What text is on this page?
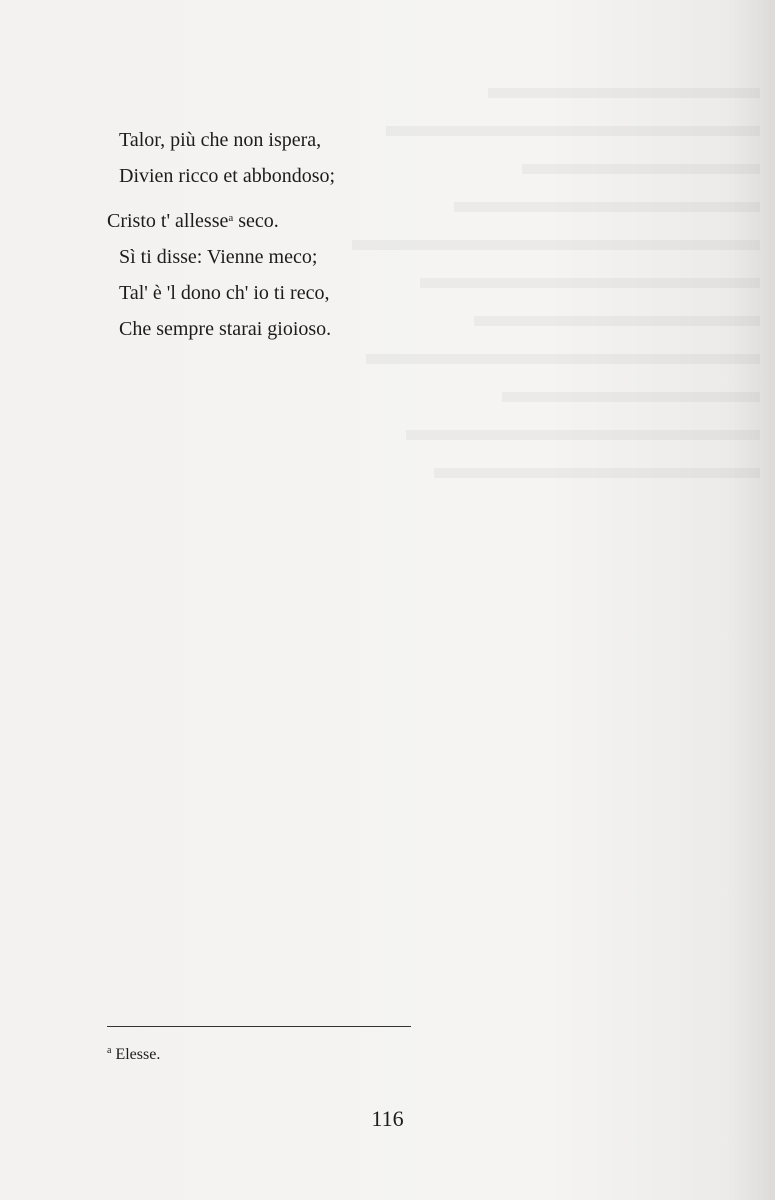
Talor, più che non ispera,
Divien ricco et abbondoso;
Cristo t' allesse$^a$ seco.
Sì ti disse: Vienne meco;
Tal' è 'l dono ch' io ti reco,
Che sempre starai gioioso.
$^a$ Elesse.
116
